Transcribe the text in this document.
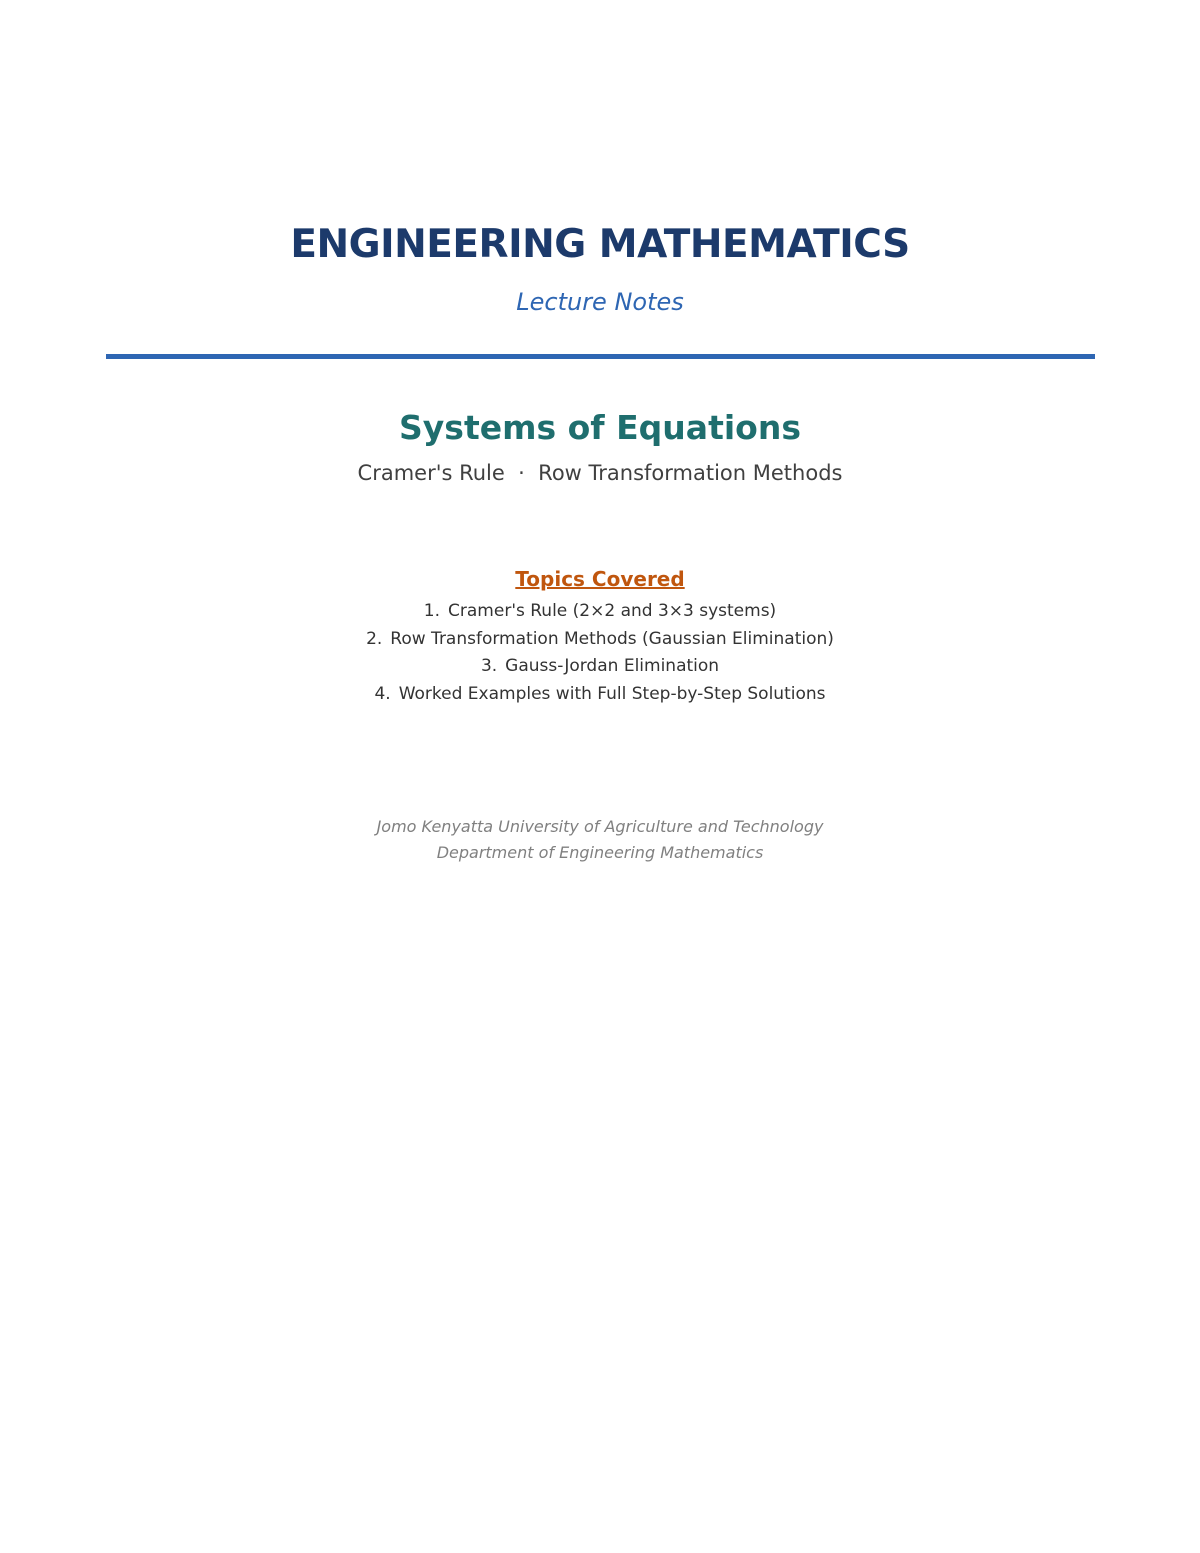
ENGINEERING MATHEMATICS

Lecture Notes

Systems of Equations

Cramer's Rule  ·  Row Transformation Methods

Topics Covered

1. Cramer's Rule (2×2 and 3×3 systems)
2. Row Transformation Methods (Gaussian Elimination)
3. Gauss-Jordan Elimination
4. Worked Examples with Full Step-by-Step Solutions

Jomo Kenyatta University of Agriculture and Technology

Department of Engineering Mathematics
